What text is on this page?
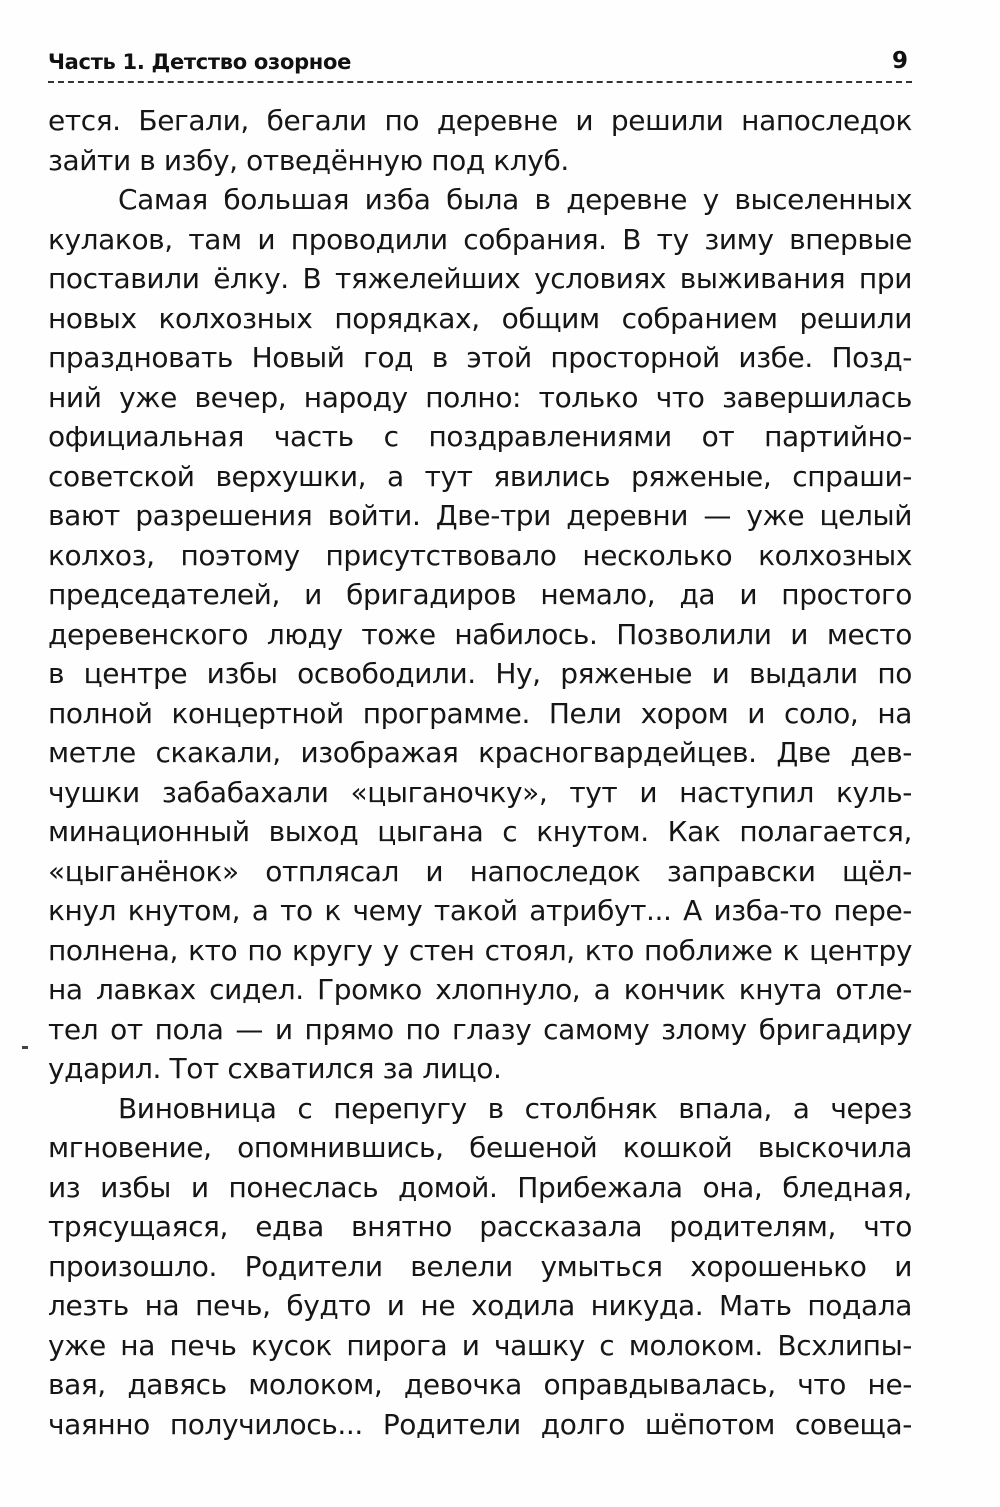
Часть 1. Детство озорное	9
ется. Бегали, бегали по деревне и решили напоследок
зайти в избу, отведённую под клуб.
Самая большая изба была в деревне у выселенных
кулаков, там и проводили собрания. В ту зиму впервые
поставили ёлку. В тяжелейших условиях выживания при
новых колхозных порядках, общим собранием решили
праздновать Новый год в этой просторной избе. Позд-
ний уже вечер, народу полно: только что завершилась
официальная часть с поздравлениями от партийно-
советской верхушки, а тут явились ряженые, спраши-
вают разрешения войти. Две-три деревни — уже целый
колхоз, поэтому присутствовало несколько колхозных
председателей, и бригадиров немало, да и простого
деревенского люду тоже набилось. Позволили и место
в центре избы освободили. Ну, ряженые и выдали по
полной концертной программе. Пели хором и соло, на
метле скакали, изображая красногвардейцев. Две дев-
чушки забабахали «цыганочку», тут и наступил куль-
минационный выход цыгана с кнутом. Как полагается,
«цыганёнок» отплясал и напоследок заправски щёл-
кнул кнутом, а то к чему такой атрибут... А изба-то пере-
полнена, кто по кругу у стен стоял, кто поближе к центру
на лавках сидел. Громко хлопнуло, а кончик кнута отле-
тел от пола — и прямо по глазу самому злому бригадиру
ударил. Тот схватился за лицо.
Виновница с перепугу в столбняк впала, а через
мгновение, опомнившись, бешеной кошкой выскочила
из избы и понеслась домой. Прибежала она, бледная,
трясущаяся, едва внятно рассказала родителям, что
произошло. Родители велели умыться хорошенько и
лезть на печь, будто и не ходила никуда. Мать подала
уже на печь кусок пирога и чашку с молоком. Всхлипы-
вая, давясь молоком, девочка оправдывалась, что не-
чаянно получилось... Родители долго шёпотом совеща-
